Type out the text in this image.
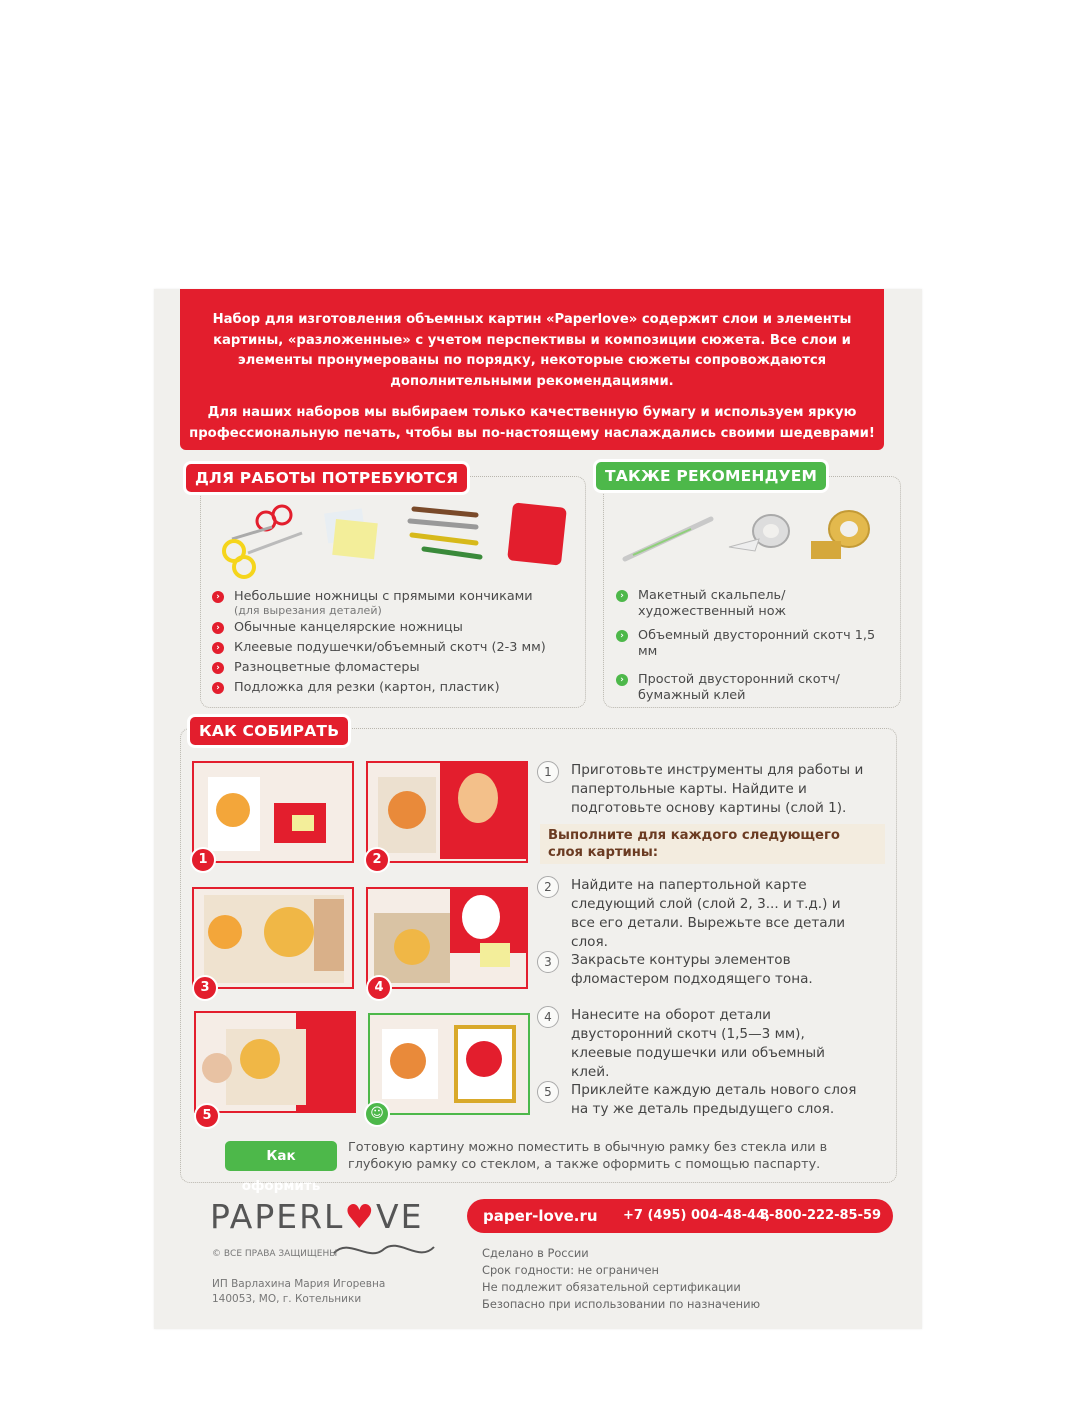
Набор для изготовления объемных картин «Paperlove» содержит слои и элементы картины, «разложенные» с учетом перспективы и композиции сюжета. Все слои и элементы пронумерованы по порядку, некоторые сюжеты сопровождаются дополнительными рекомендациями.

Для наших наборов мы выбираем только качественную бумагу и используем яркую профессиональную печать, чтобы вы по-настоящему наслаждались своими шедеврами!

ДЛЯ РАБОТЫ ПОТРЕБУЮТСЯ
›	Небольшие ножницы с прямыми кончиками
(для вырезания деталей)
›	Обычные канцелярские ножницы
›	Клеевые подушечки/объемный скотч (2-3 мм)
›	Разноцветные фломастеры
›	Подложка для резки (картон, пластик)
ТАКЖЕ РЕКОМЕНДУЕМ
›	Макетный скальпель/ художественный нож
›	Объемный двусторонний скотч 1,5 мм
›	Простой двусторонний скотч/ бумажный клей
КАК СОБИРАТЬ
1	2
3	4
5	☺
1	Приготовьте инструменты для работы и папертольные карты. Найдите и подготовьте основу картины (слой 1).
Выполните для каждого следующего слоя картины:
2	Найдите на папертольной карте следующий слой (слой 2, 3... и т.д.) и все его детали. Вырежьте все детали слоя.
3	Закрасьте контуры элементов фломастером подходящего тона.
4	Нанесите на оборот детали двусторонний скотч (1,5—3 мм), клеевые подушечки или объемный клей.
5	Приклейте каждую деталь нового слоя на ту же деталь предыдущего слоя.
Как оформить
Готовую картину можно поместить в обычную рамку без стекла или в глубокую рамку со стеклом, а также оформить с помощью паспарту.
PAPERL♥VE
© ВСЕ ПРАВА ЗАЩИЩЕНЫ
ИП Варлахина Мария Игоревна 140053, МО, г. Котельники
paper-love.ru +7 (495) 004-48-44,
8-800-222-85-59
Сделано в России
Срок годности: не ограничен
Не подлежит обязательной сертификации
Безопасно при использовании по назначению
